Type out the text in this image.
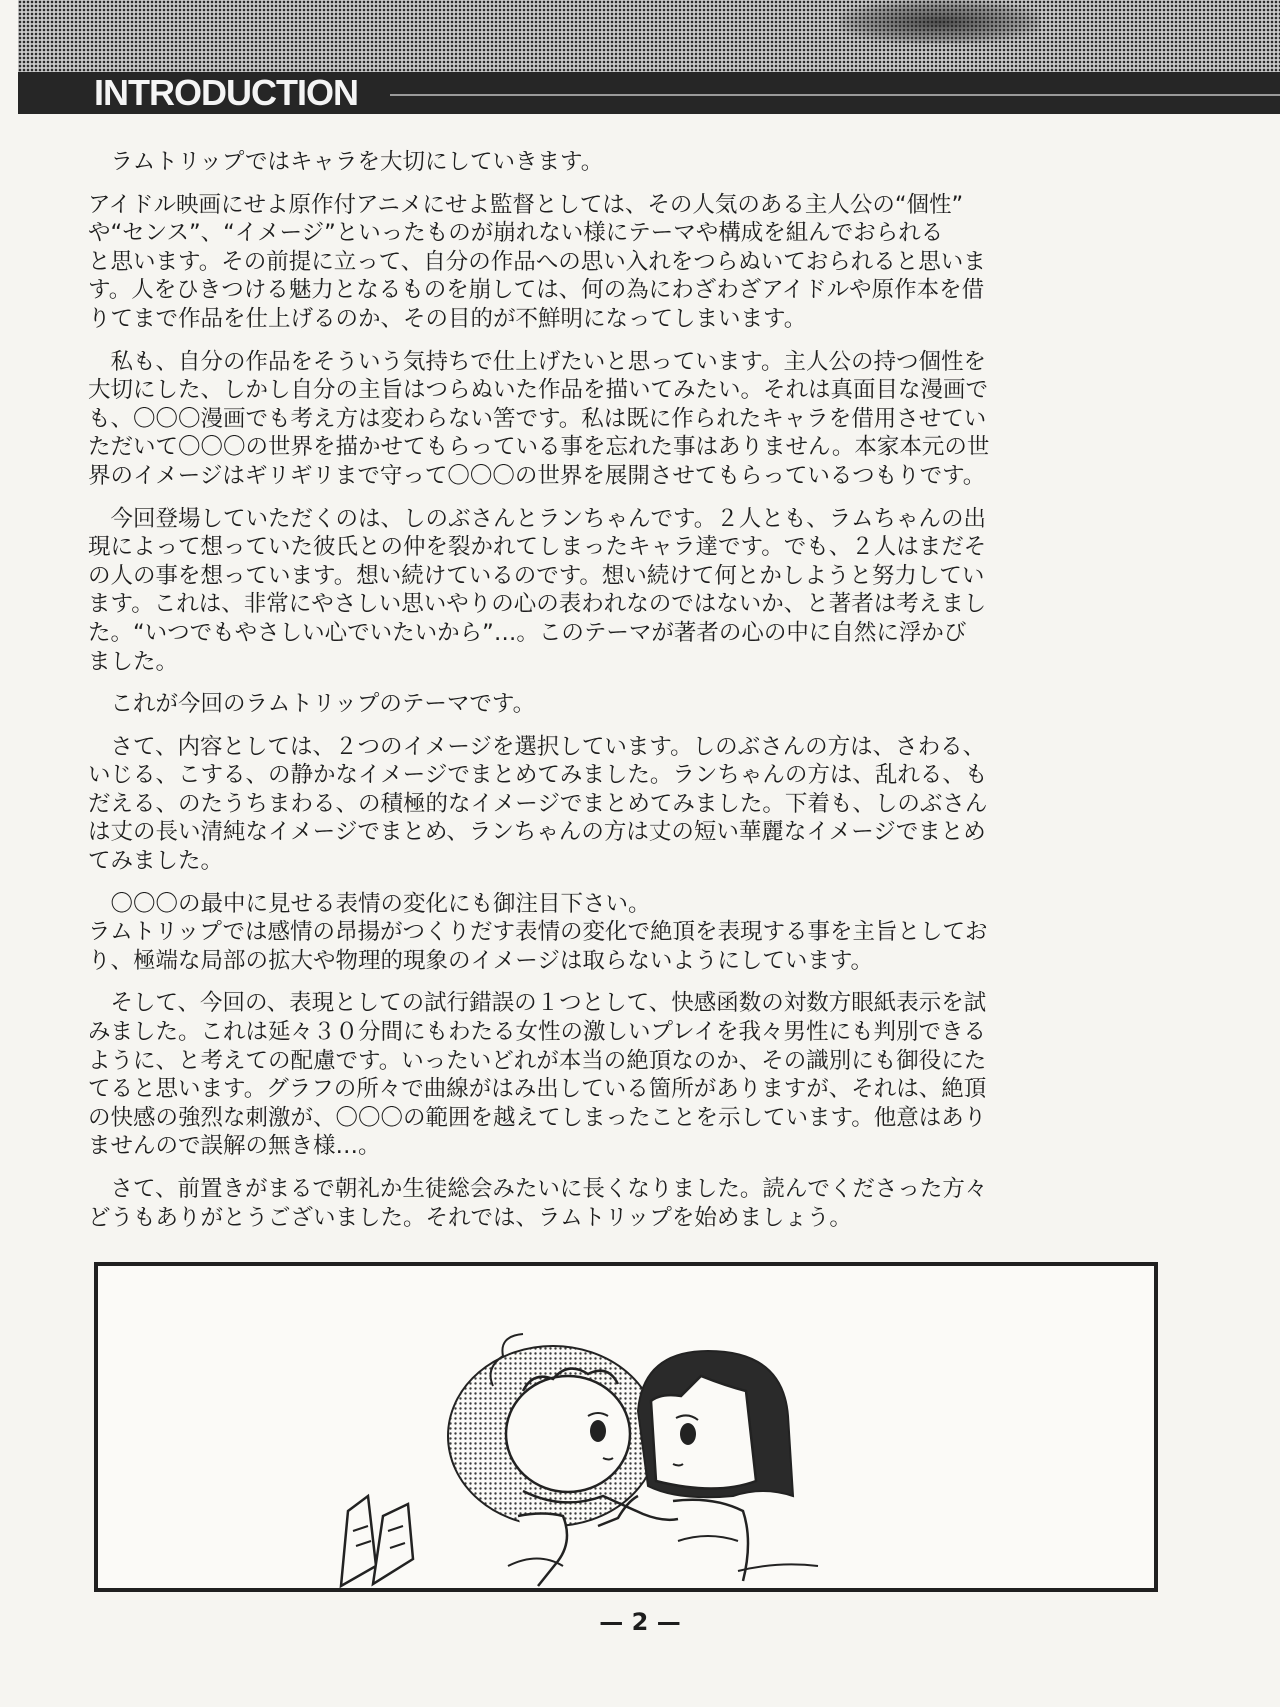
INTRODUCTION

　ラムトリップではキャラを大切にしていきます。

アイドル映画にせよ原作付アニメにせよ監督としては、その人気のある主人公の“個性”
や“センス”、“イメージ”といったものが崩れない様にテーマや構成を組んでおられる
と思います。その前提に立って、自分の作品への思い入れをつらぬいておられると思いま
す。人をひきつける魅力となるものを崩しては、何の為にわざわざアイドルや原作本を借
りてまで作品を仕上げるのか、その目的が不鮮明になってしまいます。

　私も、自分の作品をそういう気持ちで仕上げたいと思っています。主人公の持つ個性を
大切にした、しかし自分の主旨はつらぬいた作品を描いてみたい。それは真面目な漫画で
も、〇〇〇漫画でも考え方は変わらない筈です。私は既に作られたキャラを借用させてい
ただいて〇〇〇の世界を描かせてもらっている事を忘れた事はありません。本家本元の世
界のイメージはギリギリまで守って〇〇〇の世界を展開させてもらっているつもりです。

　今回登場していただくのは、しのぶさんとランちゃんです。２人とも、ラムちゃんの出
現によって想っていた彼氏との仲を裂かれてしまったキャラ達です。でも、２人はまだそ
の人の事を想っています。想い続けているのです。想い続けて何とかしようと努力してい
ます。これは、非常にやさしい思いやりの心の表われなのではないか、と著者は考えまし
た。“いつでもやさしい心でいたいから”…。このテーマが著者の心の中に自然に浮かび
ました。

　これが今回のラムトリップのテーマです。

　さて、内容としては、２つのイメージを選択しています。しのぶさんの方は、さわる、
いじる、こする、の静かなイメージでまとめてみました。ランちゃんの方は、乱れる、も
だえる、のたうちまわる、の積極的なイメージでまとめてみました。下着も、しのぶさん
は丈の長い清純なイメージでまとめ、ランちゃんの方は丈の短い華麗なイメージでまとめ
てみました。

　〇〇〇の最中に見せる表情の変化にも御注目下さい。
ラムトリップでは感情の昂揚がつくりだす表情の変化で絶頂を表現する事を主旨としてお
り、極端な局部の拡大や物理的現象のイメージは取らないようにしています。

　そして、今回の、表現としての試行錯誤の１つとして、快感函数の対数方眼紙表示を試
みました。これは延々３０分間にもわたる女性の激しいプレイを我々男性にも判別できる
ように、と考えての配慮です。いったいどれが本当の絶頂なのか、その識別にも御役にた
てると思います。グラフの所々で曲線がはみ出している箇所がありますが、それは、絶頂
の快感の強烈な刺激が、〇〇〇の範囲を越えてしまったことを示しています。他意はあり
ませんので誤解の無き様…。

　さて、前置きがまるで朝礼か生徒総会みたいに長くなりました。読んでくださった方々
どうもありがとうございました。それでは、ラムトリップを始めましょう。

— 2 —
